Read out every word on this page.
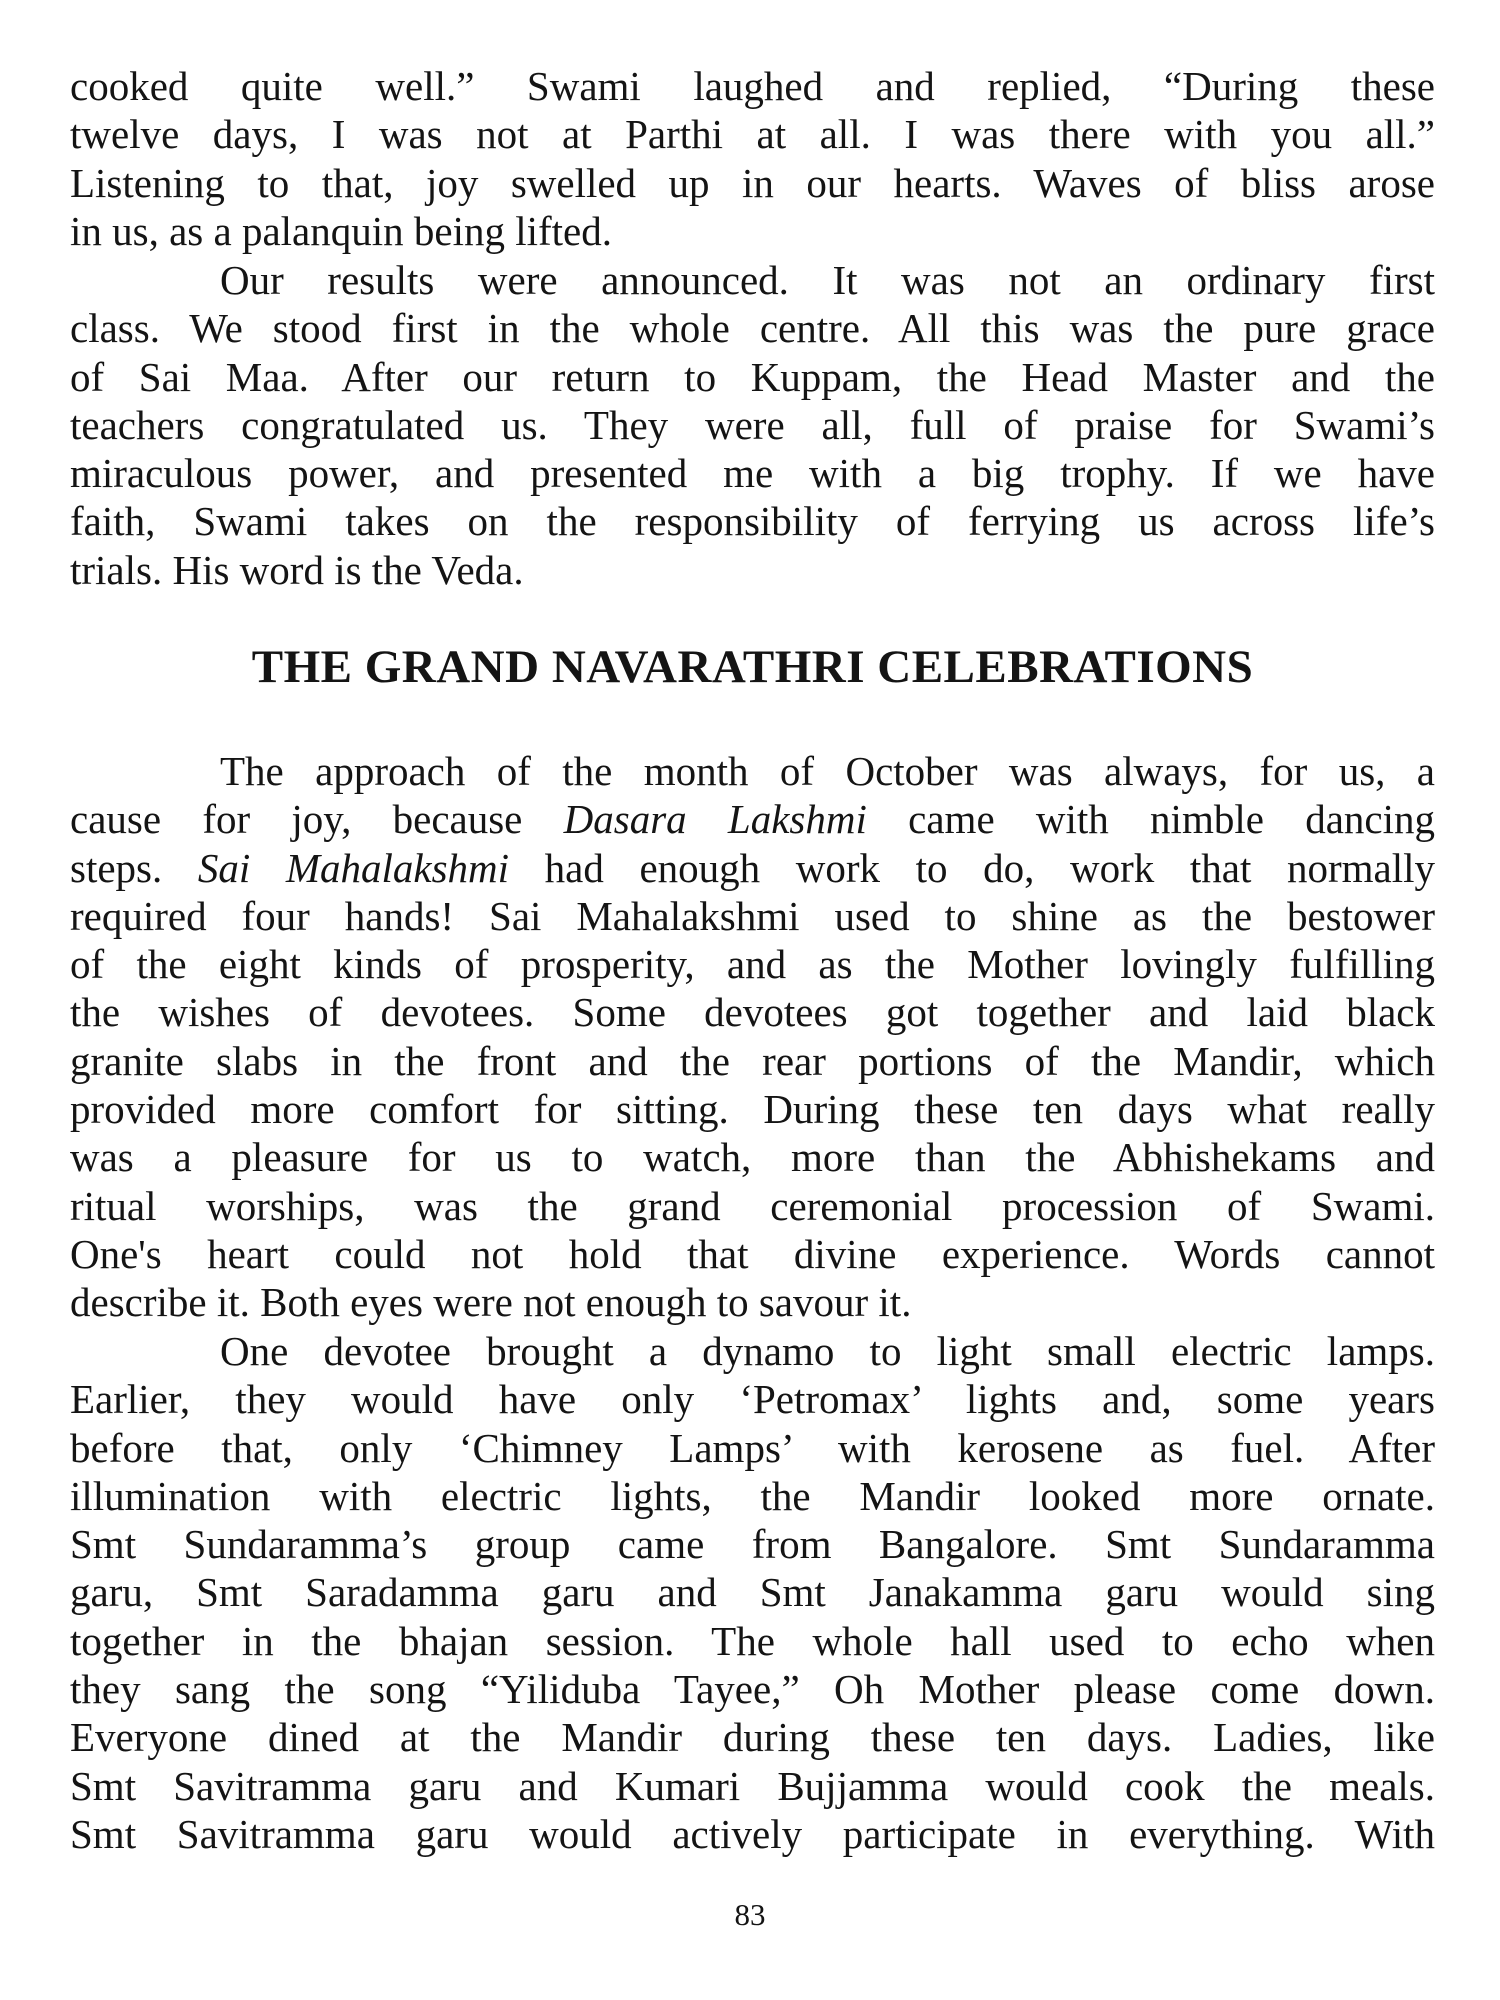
cooked quite well.” Swami laughed and replied, “During these
twelve days, I was not at Parthi at all. I was there with you all.”
Listening to that, joy swelled up in our hearts. Waves of bliss arose
in us, as a palanquin being lifted.

Our results were announced. It was not an ordinary first
class. We stood first in the whole centre. All this was the pure grace
of Sai Maa. After our return to Kuppam, the Head Master and the
teachers congratulated us. They were all, full of praise for Swami’s
miraculous power, and presented me with a big trophy. If we have
faith, Swami takes on the responsibility of ferrying us across life’s
trials. His word is the Veda.

THE GRAND NAVARATHRI CELEBRATIONS

The approach of the month of October was always, for us, a
cause for joy, because Dasara Lakshmi came with nimble dancing
steps. Sai Mahalakshmi had enough work to do, work that normally
required four hands! Sai Mahalakshmi used to shine as the bestower
of the eight kinds of prosperity, and as the Mother lovingly fulfilling
the wishes of devotees. Some devotees got together and laid black
granite slabs in the front and the rear portions of the Mandir, which
provided more comfort for sitting. During these ten days what really
was a pleasure for us to watch, more than the Abhishekams and
ritual worships, was the grand ceremonial procession of Swami.
One's heart could not hold that divine experience. Words cannot
describe it. Both eyes were not enough to savour it.

One devotee brought a dynamo to light small electric lamps.
Earlier, they would have only ‘Petromax’ lights and, some years
before that, only ‘Chimney Lamps’ with kerosene as fuel. After
illumination with electric lights, the Mandir looked more ornate.
Smt Sundaramma’s group came from Bangalore. Smt Sundaramma
garu, Smt Saradamma garu and Smt Janakamma garu would sing
together in the bhajan session. The whole hall used to echo when
they sang the song “Yiliduba Tayee,” Oh Mother please come down.
Everyone dined at the Mandir during these ten days. Ladies, like
Smt Savitramma garu and Kumari Bujjamma would cook the meals.
Smt Savitramma garu would actively participate in everything. With

83
